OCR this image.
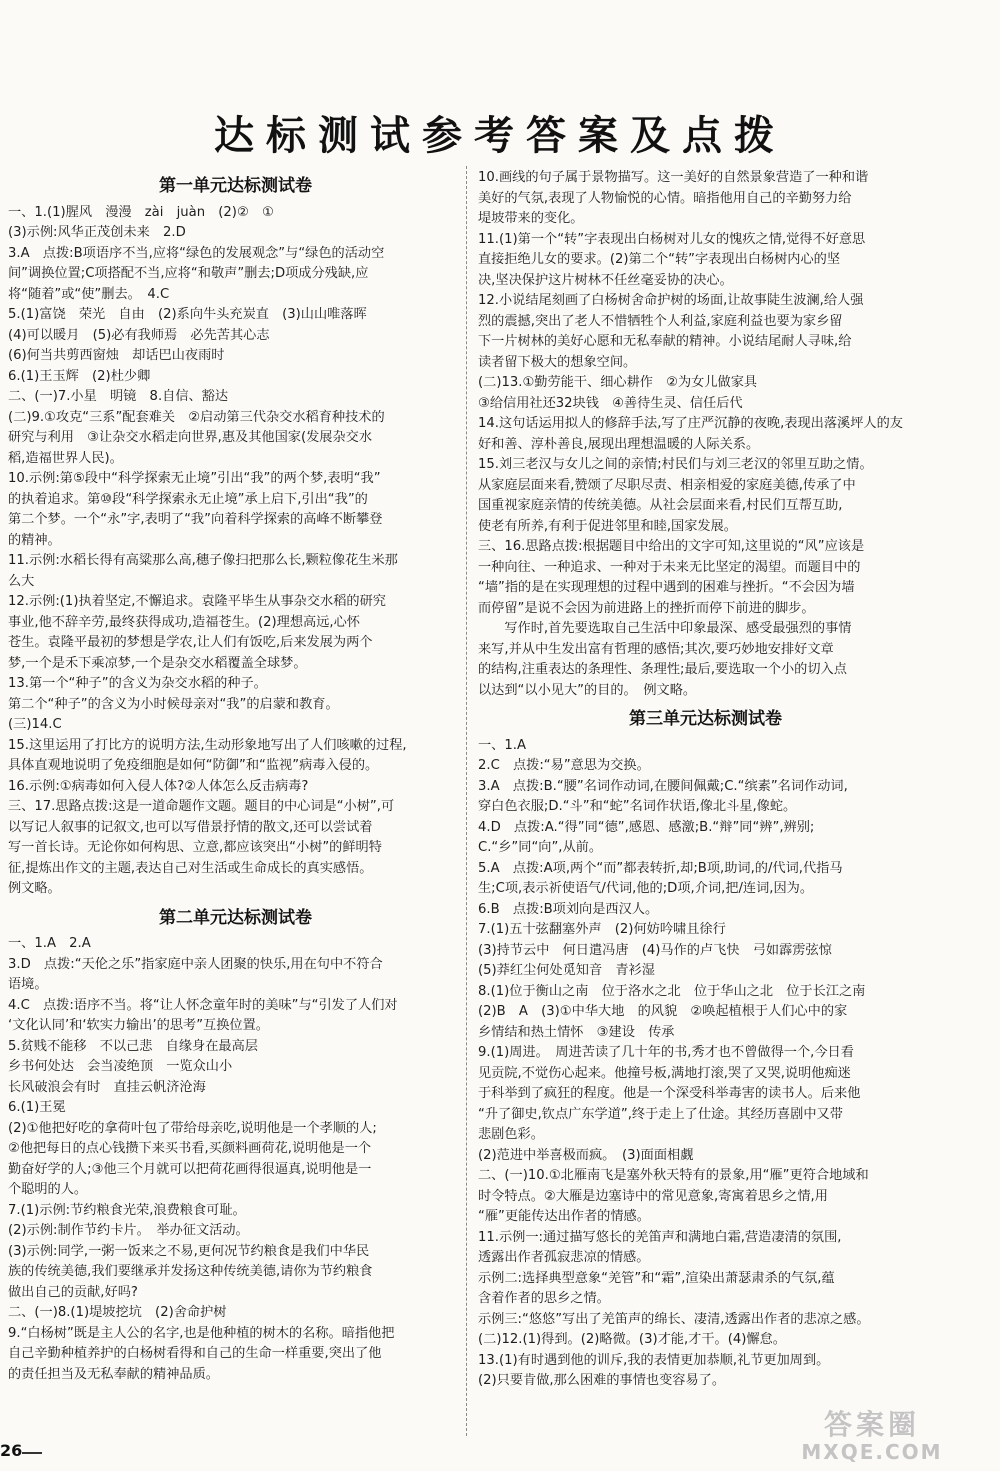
达标测试参考答案及点拨
第一单元达标测试卷
一、1.(1)腥风　漫漫　zài　juàn　(2)②　①
(3)示例:风华正茂创未来　2.D
3.A　点拨:B项语序不当,应将“绿色的发展观念”与“绿色的活动空
间”调换位置;C项搭配不当,应将“和敬声”删去;D项成分残缺,应
将“随着”或“使”删去。　4.C
5.(1)富饶　荣光　自由　(2)系向牛头充炭直　(3)山山唯落晖
(4)可以暖月　(5)必有我师焉　必先苦其心志
(6)何当共剪西窗烛　却话巴山夜雨时
6.(1)王玉辉　(2)杜少卿
二、(一)7.小星　明镜　8.自信、豁达
(二)9.①攻克“三系”配套难关　②启动第三代杂交水稻育种技术的
研究与利用　③让杂交水稻走向世界,惠及其他国家(发展杂交水
稻,造福世界人民)。
10.示例:第⑤段中“科学探索无止境”引出“我”的两个梦,表明“我”
的执着追求。第⑩段“科学探索永无止境”承上启下,引出“我”的
第二个梦。一个“永”字,表明了“我”向着科学探索的高峰不断攀登
的精神。
11.示例:水稻长得有高粱那么高,穗子像扫把那么长,颗粒像花生米那
么大
12.示例:(1)执着坚定,不懈追求。袁隆平毕生从事杂交水稻的研究
事业,他不辞辛劳,最终获得成功,造福苍生。(2)理想高远,心怀
苍生。袁隆平最初的梦想是学农,让人们有饭吃,后来发展为两个
梦,一个是禾下乘凉梦,一个是杂交水稻覆盖全球梦。
13.第一个“种子”的含义为杂交水稻的种子。
第二个“种子”的含义为小时候母亲对“我”的启蒙和教育。
(三)14.C
15.这里运用了打比方的说明方法,生动形象地写出了人们咳嗽的过程,
具体直观地说明了免疫细胞是如何“防御”和“监视”病毒入侵的。
16.示例:①病毒如何入侵人体?②人体怎么反击病毒?
三、17.思路点拨:这是一道命题作文题。题目的中心词是“小树”,可
以写记人叙事的记叙文,也可以写借景抒情的散文,还可以尝试着
写一首长诗。无论你如何构思、立意,都应该突出“小树”的鲜明特
征,提炼出作文的主题,表达自己对生活或生命成长的真实感悟。
例文略。
第二单元达标测试卷
一、1.A　2.A
3.D　点拨:“天伦之乐”指家庭中亲人团聚的快乐,用在句中不符合
语境。
4.C　点拨:语序不当。将“让人怀念童年时的美味”与“引发了人们对
‘文化认同’和‘软实力输出’的思考”互换位置。
5.贫贱不能移　不以己悲　自缘身在最高层
乡书何处达　会当凌绝顶　一览众山小
长风破浪会有时　直挂云帆济沧海
6.(1)王冕
(2)①他把好吃的拿荷叶包了带给母亲吃,说明他是一个孝顺的人;
②他把每日的点心钱攒下来买书看,买颜料画荷花,说明他是一个
勤奋好学的人;③他三个月就可以把荷花画得很逼真,说明他是一
个聪明的人。
7.(1)示例:节约粮食光荣,浪费粮食可耻。
(2)示例:制作节约卡片。　举办征文活动。
(3)示例:同学,一粥一饭来之不易,更何况节约粮食是我们中华民
族的传统美德,我们要继承并发扬这种传统美德,请你为节约粮食
做出自己的贡献,好吗?
二、(一)8.(1)堤坡挖坑　(2)舍命护树
9.“白杨树”既是主人公的名字,也是他种植的树木的名称。暗指他把
自己辛勤种植养护的白杨树看得和自己的生命一样重要,突出了他
的责任担当及无私奉献的精神品质。
10.画线的句子属于景物描写。这一美好的自然景象营造了一种和谐
美好的气氛,表现了人物愉悦的心情。暗指他用自己的辛勤努力给
堤坡带来的变化。
11.(1)第一个“转”字表现出白杨树对儿女的愧疚之情,觉得不好意思
直接拒绝儿女的要求。(2)第二个“转”字表现出白杨树内心的坚
决,坚决保护这片树林不任丝毫妥协的决心。
12.小说结尾刻画了白杨树舍命护树的场面,让故事陡生波澜,给人强
烈的震撼,突出了老人不惜牺牲个人利益,家庭利益也要为家乡留
下一片树林的美好心愿和无私奉献的精神。小说结尾耐人寻味,给
读者留下极大的想象空间。
(二)13.①勤劳能干、细心耕作　②为女儿做家具
③给信用社还32块钱　④善待生灵、信任后代
14.这句话运用拟人的修辞手法,写了庄严沉静的夜晚,表现出落溪坪人的友
好和善、淳朴善良,展现出理想温暖的人际关系。
15.刘三老汉与女儿之间的亲情;村民们与刘三老汉的邻里互助之情。
从家庭层面来看,赞颂了尽职尽责、相亲相爱的家庭美德,传承了中
国重视家庭亲情的传统美德。从社会层面来看,村民们互帮互助,
使老有所养,有利于促进邻里和睦,国家发展。
三、16.思路点拨:根据题目中给出的文字可知,这里说的“风”应该是
一种向往、一种追求、一种对于未来无比坚定的渴望。而题目中的
“墙”指的是在实现理想的过程中遇到的困难与挫折。“不会因为墙
而停留”是说不会因为前进路上的挫折而停下前进的脚步。
　　写作时,首先要选取自己生活中印象最深、感受最强烈的事情
来写,并从中生发出富有哲理的感悟;其次,要巧妙地安排好文章
的结构,注重表达的条理性、条理性;最后,要选取一个小的切入点
以达到“以小见大”的目的。　例文略。
第三单元达标测试卷
一、1.A
2.C　点拨:“易”意思为交换。
3.A　点拨:B.“腰”名词作动词,在腰间佩戴;C.“缤素”名词作动词,
穿白色衣服;D.“斗”和“蛇”名词作状语,像北斗星,像蛇。
4.D　点拨:A.“得”同“德”,感恩、感激;B.“辩”同“辨”,辨别;
C.“乡”同“向”,从前。
5.A　点拨:A项,两个“而”都表转折,却;B项,助词,的/代词,代指马
生;C项,表示祈使语气/代词,他的;D项,介词,把/连词,因为。
6.B　点拨:B项刘向是西汉人。
7.(1)五十弦翻塞外声　(2)何妨吟啸且徐行
(3)持节云中　何日遣冯唐　(4)马作的卢飞快　弓如霹雳弦惊
(5)莽红尘何处觅知音　青衫湿
8.(1)位于衡山之南　位于洛水之北　位于华山之北　位于长江之南
(2)B　A　(3)①中华大地　的风貌　②唤起植根于人们心中的家
乡情结和热土情怀　③建设　传承
9.(1)周进。　周进苦读了几十年的书,秀才也不曾做得一个,今日看
见贡院,不觉伤心起来。他撞号板,满地打滚,哭了又哭,说明他痴迷
于科举到了疯狂的程度。他是一个深受科举毒害的读书人。后来他
“升了御史,钦点广东学道”,终于走上了仕途。其经历喜剧中又带
悲剧色彩。
(2)范进中举喜极而疯。　(3)面面相觑
二、(一)10.①北雁南飞是塞外秋天特有的景象,用“雁”更符合地域和
时令特点。②大雁是边塞诗中的常见意象,寄寓着思乡之情,用
“雁”更能传达出作者的情感。
11.示例一:通过描写悠长的羌笛声和满地白霜,营造凄清的氛围,
透露出作者孤寂悲凉的情感。
示例二:选择典型意象“羌管”和“霜”,渲染出萧瑟肃杀的气氛,蕴
含着作者的思乡之情。
示例三:“悠悠”写出了羌笛声的绵长、凄清,透露出作者的悲凉之感。
(二)12.(1)得到。(2)略微。(3)才能,才干。(4)懈怠。
13.(1)有时遇到他的训斥,我的表情更加恭顺,礼节更加周到。
(2)只要肯做,那么困难的事情也变容易了。
26
答案圈
MXQE.COM
